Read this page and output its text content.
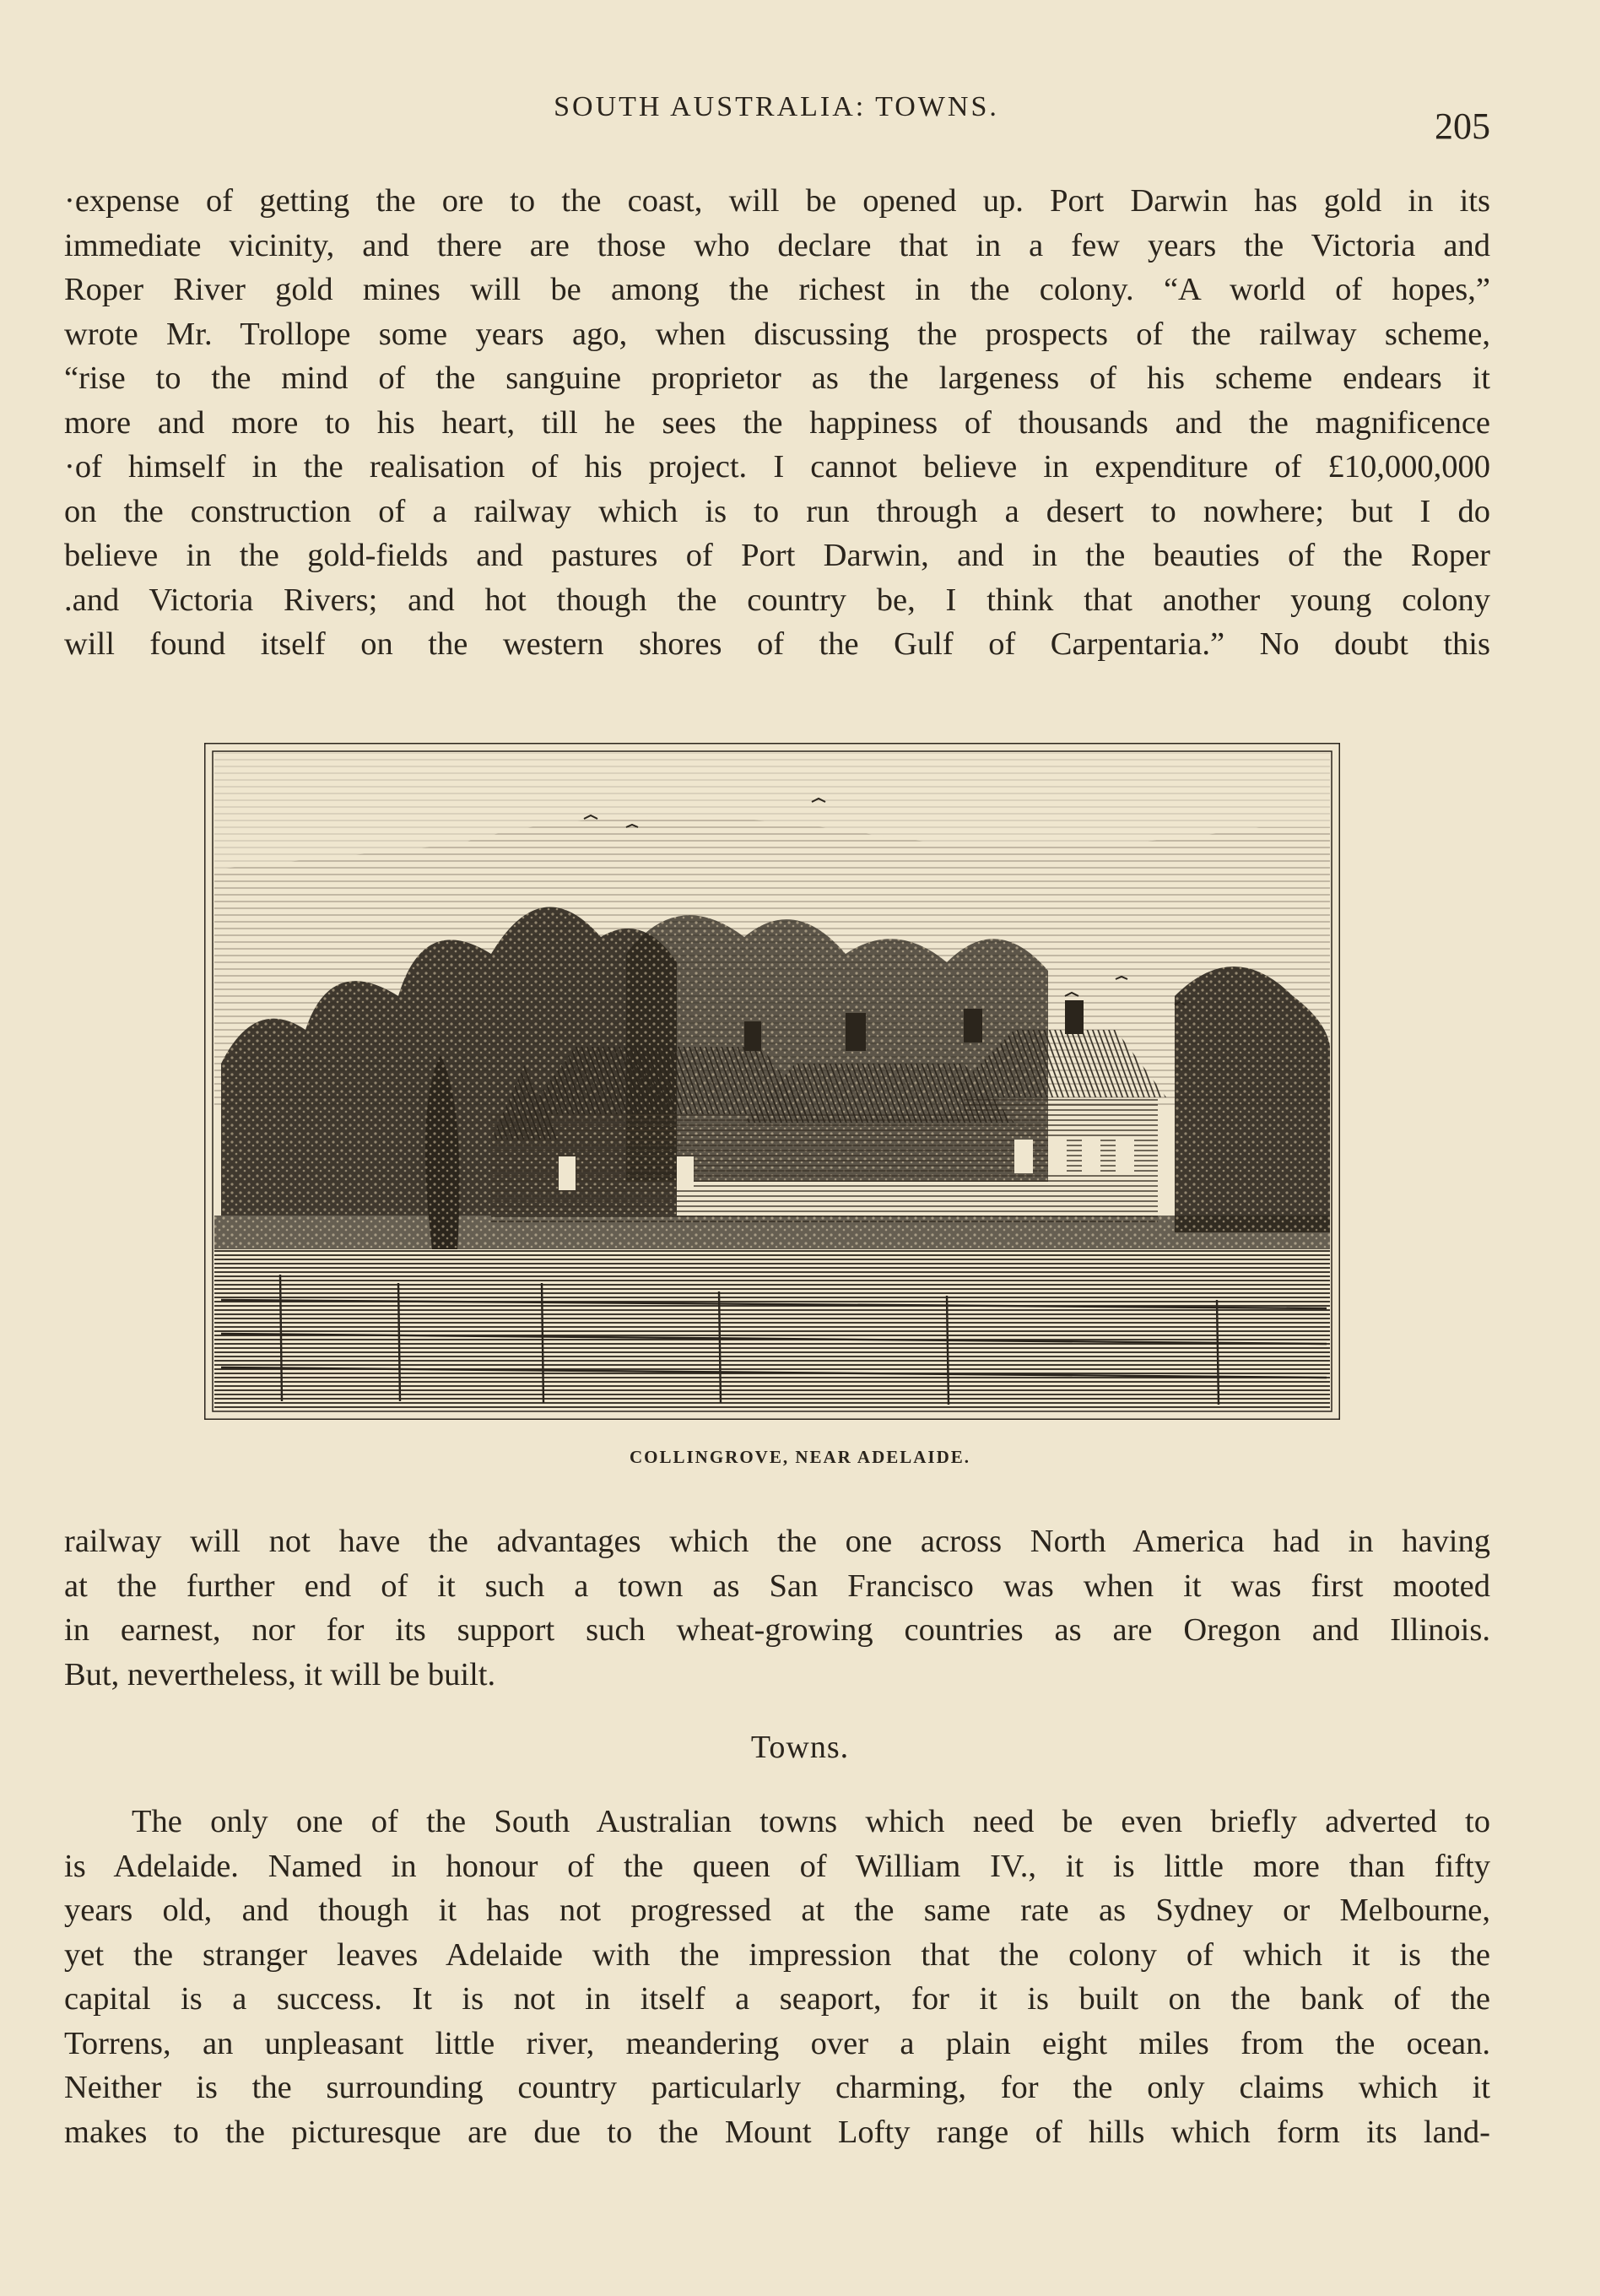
SOUTH AUSTRALIA: TOWNS.	205
·expense of getting the ore to the coast, will be opened up. Port Darwin has gold in its
immediate vicinity, and there are those who declare that in a few years the Victoria and
Roper River gold mines will be among the richest in the colony. “A world of hopes,”
wrote Mr. Trollope some years ago, when discussing the prospects of the railway scheme,
“rise to the mind of the sanguine proprietor as the largeness of his scheme endears it
more and more to his heart, till he sees the happiness of thousands and the magnificence
·of himself in the realisation of his project. I cannot believe in expenditure of £10,000,000
on the construction of a railway which is to run through a desert to nowhere; but I do
believe in the gold-fields and pastures of Port Darwin, and in the beauties of the Roper
.and Victoria Rivers; and hot though the country be, I think that another young colony
will found itself on the western shores of the Gulf of Carpentaria.” No doubt this
COLLINGROVE, NEAR ADELAIDE.
railway will not have the advantages which the one across North America had in having
at the further end of it such a town as San Francisco was when it was first mooted
in earnest, nor for its support such wheat-growing countries as are Oregon and Illinois.
But, nevertheless, it will be built.
Towns.
The only one of the South Australian towns which need be even briefly adverted to
is Adelaide. Named in honour of the queen of William IV., it is little more than fifty
years old, and though it has not progressed at the same rate as Sydney or Melbourne,
yet the stranger leaves Adelaide with the impression that the colony of which it is the
capital is a success. It is not in itself a seaport, for it is built on the bank of the
Torrens, an unpleasant little river, meandering over a plain eight miles from the ocean.
Neither is the surrounding country particularly charming, for the only claims which it
makes to the picturesque are due to the Mount Lofty range of hills which form its land-
